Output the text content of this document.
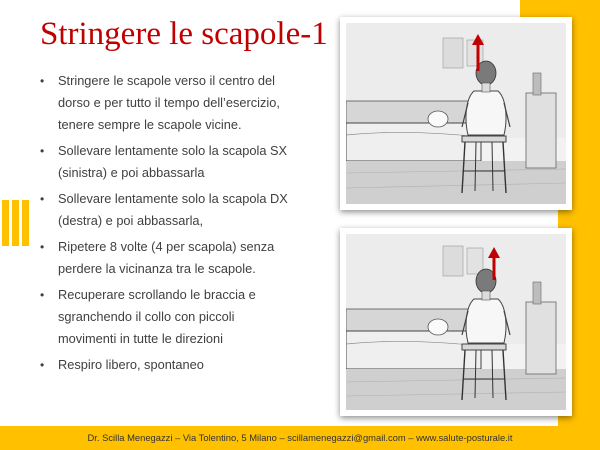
Stringere le scapole-1
• Stringere le scapole verso il centro del
dorso e per tutto il tempo dell’esercizio,
tenere sempre le scapole vicine.
• Sollevare lentamente solo la scapola SX
(sinistra) e poi abbassarla
• Sollevare lentamente solo la scapola DX
(destra) e poi abbassarla,
• Ripetere 8 volte (4 per scapola) senza
perdere la vicinanza tra le scapole.
• Recuperare scrollando le braccia e
sgranchendo il collo con piccoli
movimenti in tutte le direzioni
• Respiro libero, spontaneo
Dr. Scilla Menegazzi – Via Tolentino, 5 Milano – scillamenegazzi@gmail.com – www.salute-posturale.it
